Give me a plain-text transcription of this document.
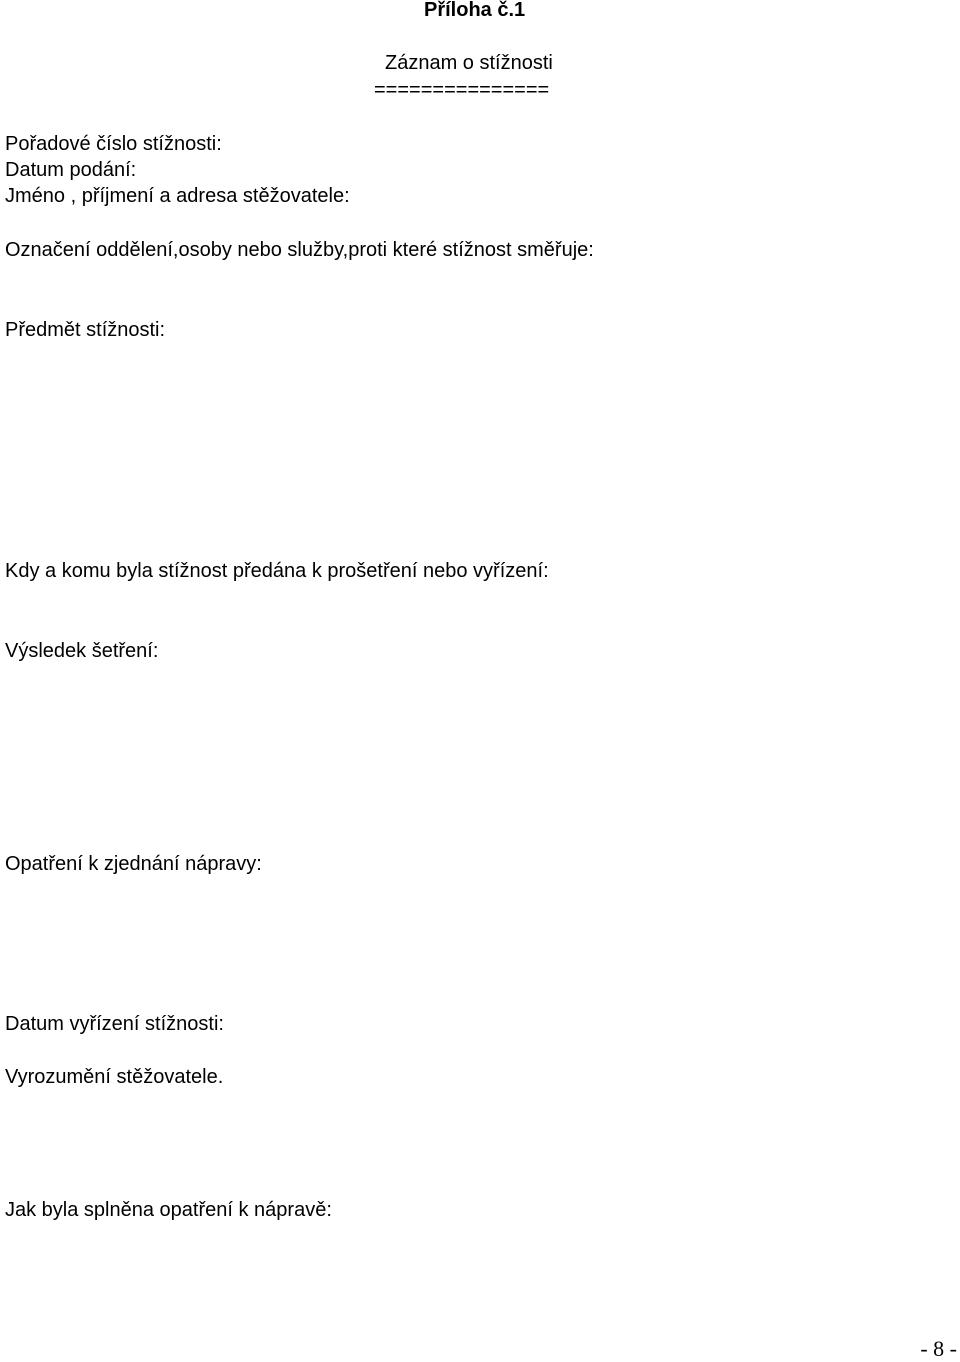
Příloha č.1
Záznam o stížnosti
===============
Pořadové číslo stížnosti:
Datum podání:
Jméno , příjmení a adresa stěžovatele:
Označení oddělení,osoby nebo služby,proti které stížnost směřuje:
Předmět stížnosti:
Kdy a komu byla stížnost předána k prošetření nebo vyřízení:
Výsledek šetření:
Opatření k zjednání nápravy:
Datum vyřízení stížnosti:
Vyrozumění stěžovatele.
Jak byla splněna opatření k nápravě:
- 8 -
